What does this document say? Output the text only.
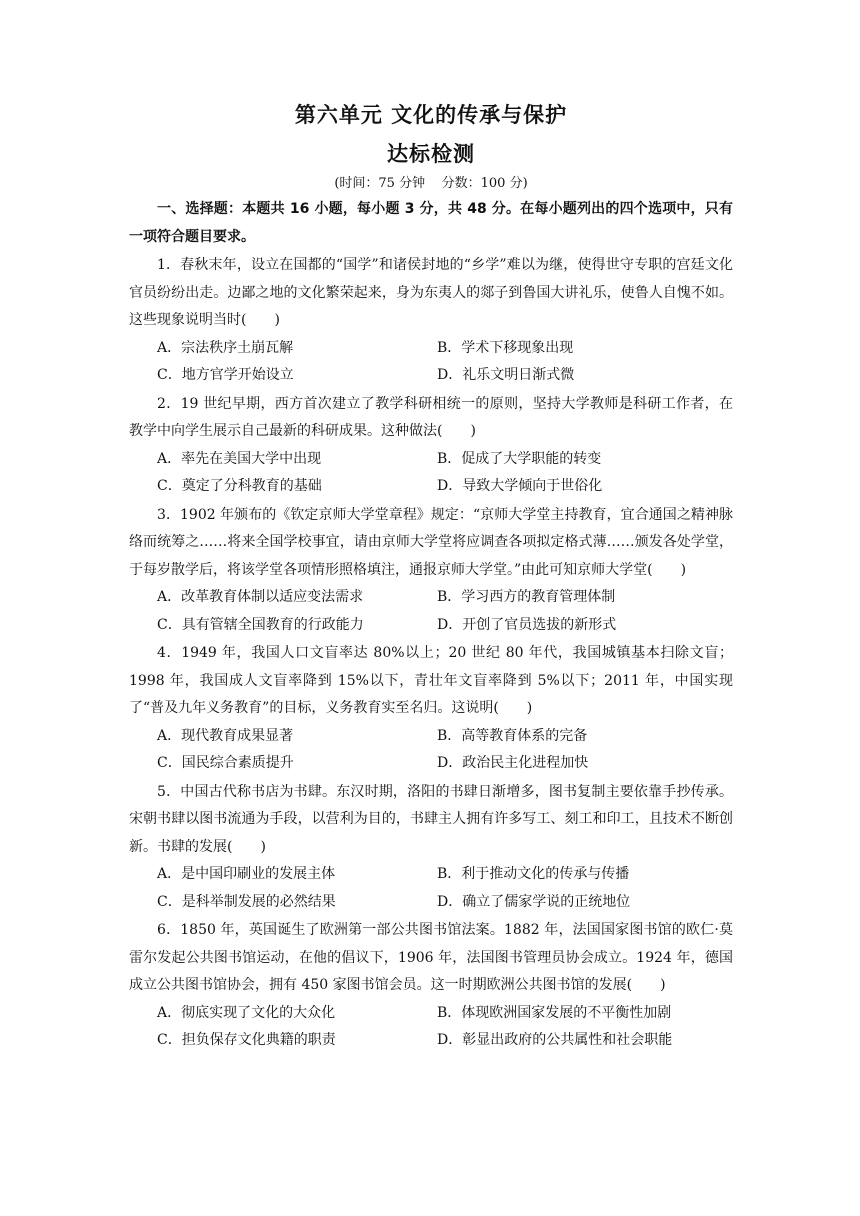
第六单元 文化的传承与保护
达标检测
(时间：75 分钟    分数：100 分)
一、选择题：本题共 16 小题，每小题 3 分，共 48 分。在每小题列出的四个选项中，只有一项符合题目要求。
1．春秋末年，设立在国都的“国学”和诸侯封地的“乡学”难以为继，使得世守专职的宫廷文化官员纷纷出走。边鄙之地的文化繁荣起来，身为东夷人的郯子到鲁国大讲礼乐，使鲁人自愧不如。这些现象说明当时(　　)
A．宗法秩序土崩瓦解	B．学术下移现象出现
C．地方官学开始设立	D．礼乐文明日渐式微
2．19 世纪早期，西方首次建立了教学科研相统一的原则，坚持大学教师是科研工作者，在教学中向学生展示自己最新的科研成果。这种做法(　　)
A．率先在美国大学中出现	B．促成了大学职能的转变
C．奠定了分科教育的基础	D．导致大学倾向于世俗化
3．1902 年颁布的《钦定京师大学堂章程》规定：“京师大学堂主持教育，宜合通国之精神脉络而统筹之……将来全国学校事宜，请由京师大学堂将应调查各项拟定格式薄……颁发各处学堂，于每岁散学后，将该学堂各项情形照格填注，通报京师大学堂。”由此可知京师大学堂(　　)
A．改革教育体制以适应变法需求	B．学习西方的教育管理体制
C．具有管辖全国教育的行政能力	D．开创了官员选拔的新形式
4．1949 年，我国人口文盲率达 80%以上；20 世纪 80 年代，我国城镇基本扫除文盲；1998 年，我国成人文盲率降到 15%以下，青壮年文盲率降到 5%以下；2011 年，中国实现了“普及九年义务教育”的目标，义务教育实至名归。这说明(　　)
A．现代教育成果显著	B．高等教育体系的完备
C．国民综合素质提升	D．政治民主化进程加快
5．中国古代称书店为书肆。东汉时期，洛阳的书肆日渐增多，图书复制主要依靠手抄传承。宋朝书肆以图书流通为手段，以营利为目的，书肆主人拥有许多写工、刻工和印工，且技术不断创新。书肆的发展(　　)
A．是中国印刷业的发展主体	B．利于推动文化的传承与传播
C．是科举制发展的必然结果	D．确立了儒家学说的正统地位
6．1850 年，英国诞生了欧洲第一部公共图书馆法案。1882 年，法国国家图书馆的欧仁·莫雷尔发起公共图书馆运动，在他的倡议下，1906 年，法国图书管理员协会成立。1924 年，德国成立公共图书馆协会，拥有 450 家图书馆会员。这一时期欧洲公共图书馆的发展(　　)
A．彻底实现了文化的大众化	B．体现欧洲国家发展的不平衡性加剧
C．担负保存文化典籍的职责	D．彰显出政府的公共属性和社会职能
